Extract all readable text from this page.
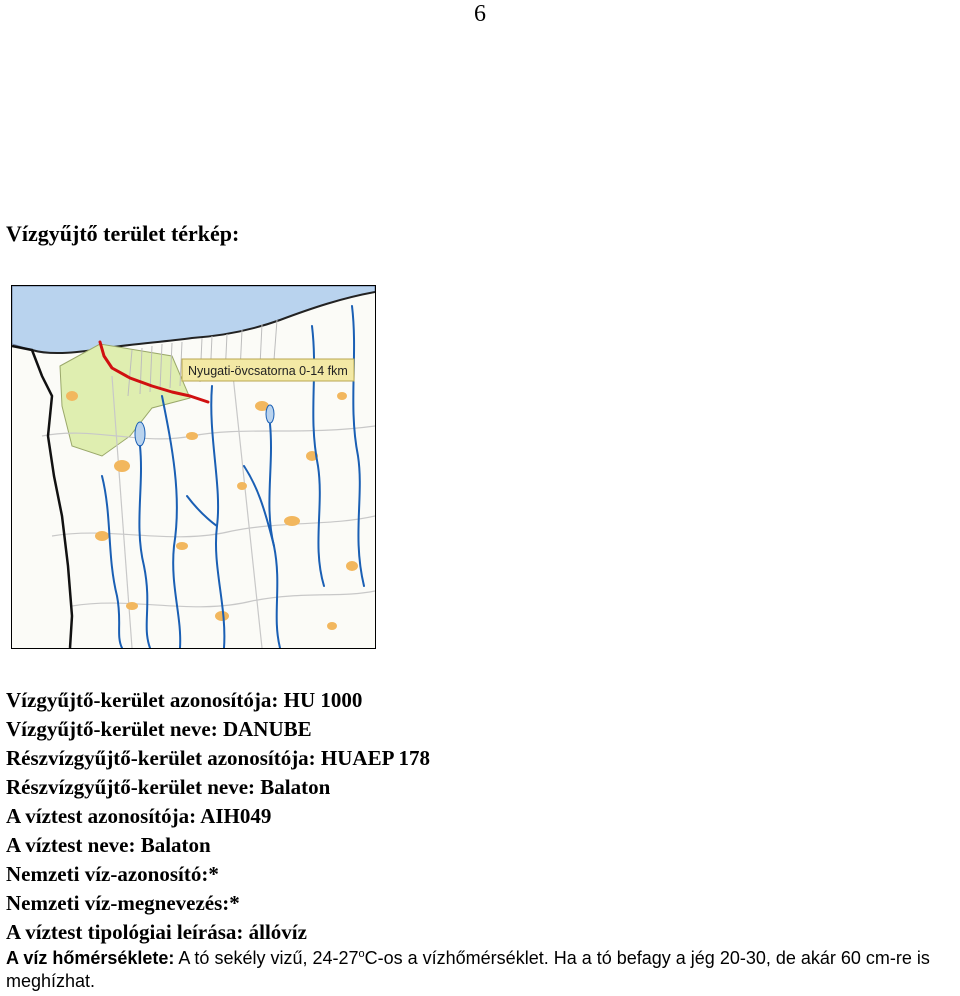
6
Vízgyűjtő terület térkép:
Nyugati-övcsatorna 0-14 fkm
Vízgyűjtő-kerület azonosítója: HU 1000
Vízgyűjtő-kerület neve: DANUBE
Részvízgyűjtő-kerület azonosítója: HUAEP 178
Részvízgyűjtő-kerület neve: Balaton
A víztest azonosítója: AIH049
A víztest neve: Balaton
Nemzeti víz-azonosító:*
Nemzeti víz-megnevezés:*
A víztest tipológiai leírása: állóvíz
A víz hőmérséklete: A tó sekély vizű, 24-27$^o$C-os a vízhőmérséklet. Ha a tó befagy a jég 20-30, de akár 60 cm-re is meghízhat.
